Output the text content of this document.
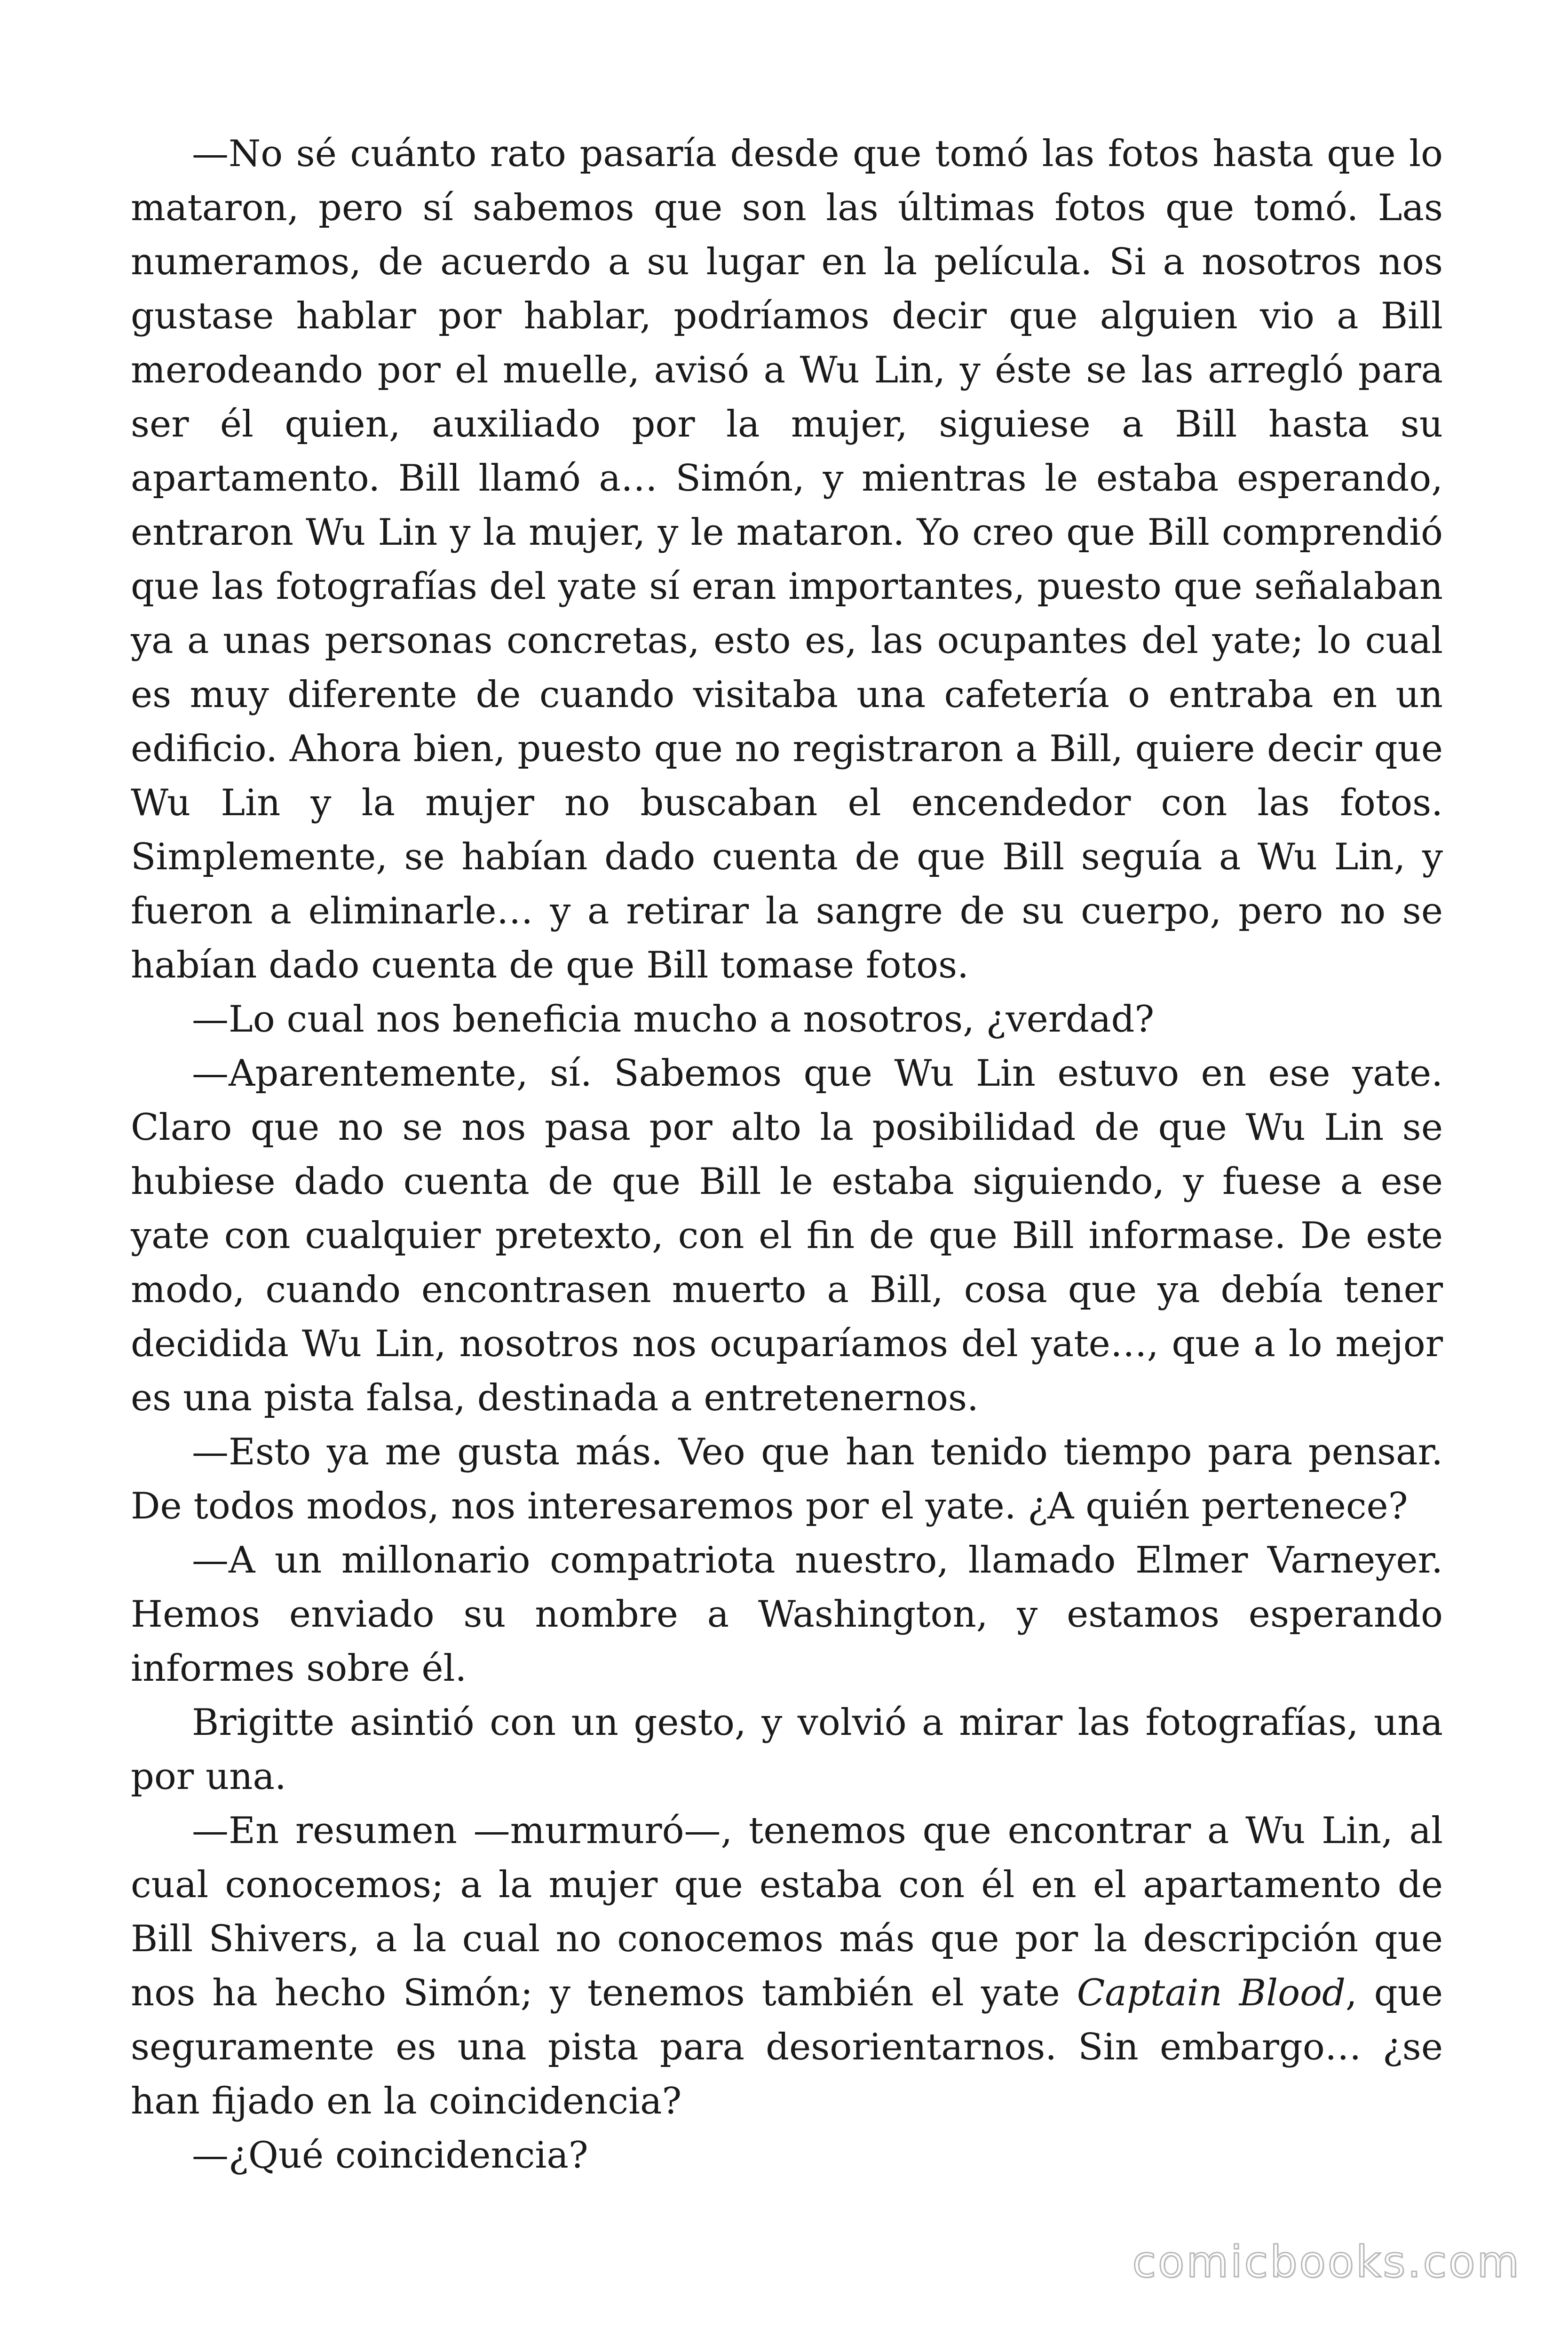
—No sé cuánto rato pasaría desde que tomó las fotos hasta que lo mataron, pero sí sabemos que son las últimas fotos que tomó. Las numeramos, de acuerdo a su lugar en la película. Si a nosotros nos gustase hablar por hablar, podríamos decir que alguien vio a Bill merodeando por el muelle, avisó a Wu Lin, y éste se las arregló para ser él quien, auxiliado por la mujer, siguiese a Bill hasta su apartamento. Bill llamó a… Simón, y mientras le estaba esperando, entraron Wu Lin y la mujer, y le mataron. Yo creo que Bill comprendió que las fotografías del yate sí eran importantes, puesto que señalaban ya a unas personas concretas, esto es, las ocupantes del yate; lo cual es muy diferente de cuando visitaba una cafetería o entraba en un edificio. Ahora bien, puesto que no registraron a Bill, quiere decir que Wu Lin y la mujer no buscaban el encendedor con las fotos. Simplemente, se habían dado cuenta de que Bill seguía a Wu Lin, y fueron a eliminarle… y a retirar la sangre de su cuerpo, pero no se habían dado cuenta de que Bill tomase fotos.

—Lo cual nos beneficia mucho a nosotros, ¿verdad?

—Aparentemente, sí. Sabemos que Wu Lin estuvo en ese yate. Claro que no se nos pasa por alto la posibilidad de que Wu Lin se hubiese dado cuenta de que Bill le estaba siguiendo, y fuese a ese yate con cualquier pretexto, con el fin de que Bill informase. De este modo, cuando encontrasen muerto a Bill, cosa que ya debía tener decidida Wu Lin, nosotros nos ocuparíamos del yate…, que a lo mejor es una pista falsa, destinada a entretenernos.

—Esto ya me gusta más. Veo que han tenido tiempo para pensar. De todos modos, nos interesaremos por el yate. ¿A quién pertenece?

—A un millonario compatriota nuestro, llamado Elmer Varneyer. Hemos enviado su nombre a Washington, y estamos esperando informes sobre él.

Brigitte asintió con un gesto, y volvió a mirar las fotografías, una por una.

—En resumen —murmuró—, tenemos que encontrar a Wu Lin, al cual conocemos; a la mujer que estaba con él en el apartamento de Bill Shivers, a la cual no conocemos más que por la descripción que nos ha hecho Simón; y tenemos también el yate Captain Blood, que seguramente es una pista para desorientarnos. Sin embargo… ¿se han fijado en la coincidencia?

—¿Qué coincidencia?

comicbooks.com
